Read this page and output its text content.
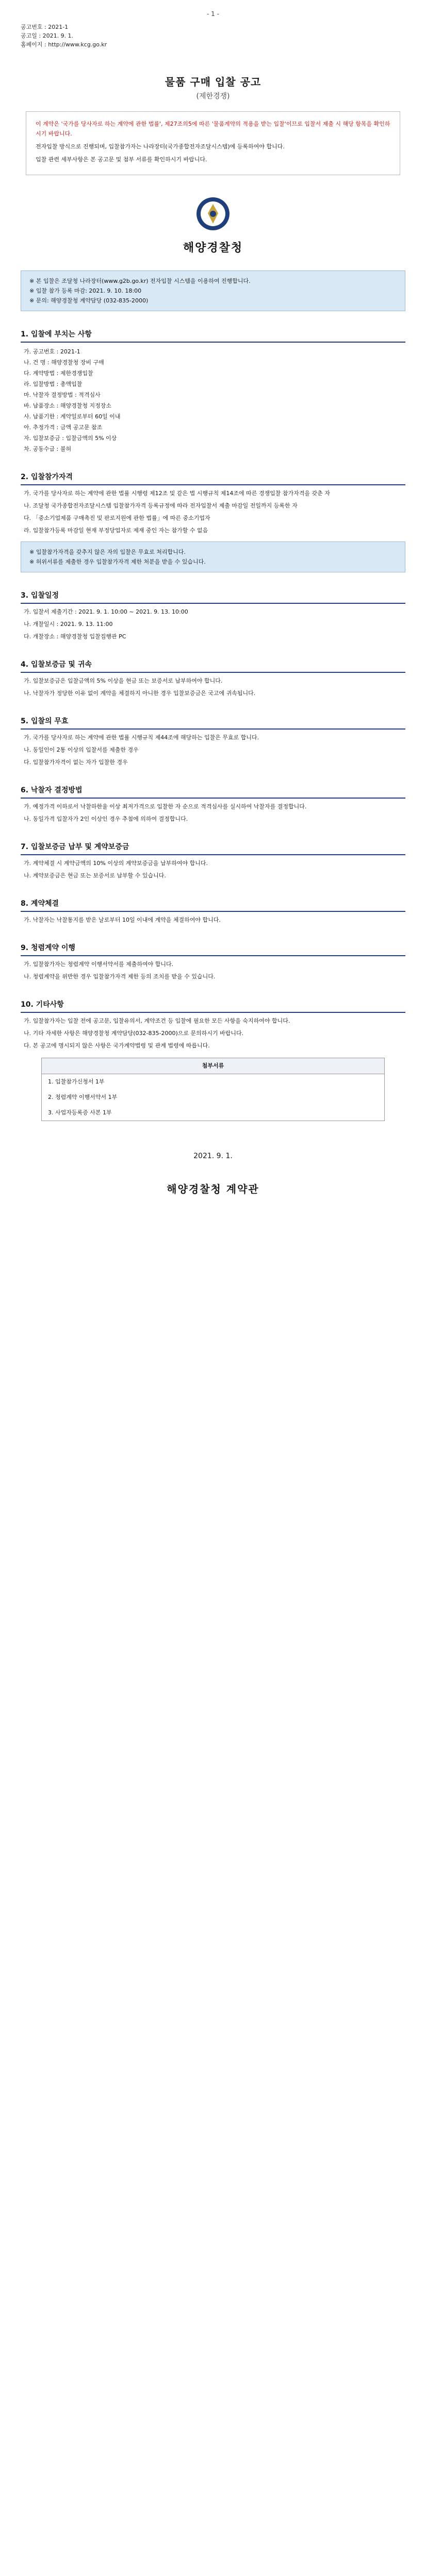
- 1 -
공고번호 : 2021-1
공고일 : 2021. 9. 1.
홈페이지 : http://www.kcg.go.kr
물품 구매 입찰 공고
(제한경쟁)

이 계약은 '국가를 당사자로 하는 계약에 관한 법률', 제27조의5에 따른 '물품계약의 적용을 받는 입찰'이므로 입찰서 제출 시 해당 항목을 확인하시기 바랍니다.

전자입찰 방식으로 진행되며, 입찰참가자는 나라장터(국가종합전자조달시스템)에 등록하여야 합니다.

입찰 관련 세부사항은 본 공고문 및 첨부 서류를 확인하시기 바랍니다.

해양경찰청

※ 본 입찰은 조달청 나라장터(www.g2b.go.kr) 전자입찰 시스템을 이용하여 진행합니다.

※ 입찰 참가 등록 마감: 2021. 9. 10. 18:00

※ 문의: 해양경찰청 계약담당 (032-835-2000)

1. 입찰에 부치는 사항
가. 공고번호 : 2021-1
나. 건 명 : 해양경찰청 장비 구매
다. 계약방법 : 제한경쟁입찰
라. 입찰방법 : 총액입찰
마. 낙찰자 결정방법 : 적격심사
바. 납품장소 : 해양경찰청 지정장소
사. 납품기한 : 계약일로부터 60일 이내
아. 추정가격 : 금액 공고문 참조
자. 입찰보증금 : 입찰금액의 5% 이상
차. 공동수급 : 불허
2. 입찰참가자격
가. 국가를 당사자로 하는 계약에 관한 법률 시행령 제12조 및 같은 법 시행규칙 제14조에 따른 경쟁입찰 참가자격을 갖춘 자
나. 조달청 국가종합전자조달시스템 입찰참가자격 등록규정에 따라 전자입찰서 제출 마감일 전일까지 등록한 자
다. 「중소기업제품 구매촉진 및 판로지원에 관한 법률」에 따른 중소기업자
라. 입찰참가등록 마감일 현재 부정당업자로 제재 중인 자는 참가할 수 없음

※ 입찰참가자격을 갖추지 않은 자의 입찰은 무효로 처리합니다.

※ 허위서류를 제출한 경우 입찰참가자격 제한 처분을 받을 수 있습니다.

3. 입찰일정
가. 입찰서 제출기간 : 2021. 9. 1. 10:00 ~ 2021. 9. 13. 10:00
나. 개찰일시 : 2021. 9. 13. 11:00
다. 개찰장소 : 해양경찰청 입찰집행관 PC
4. 입찰보증금 및 귀속
가. 입찰보증금은 입찰금액의 5% 이상을 현금 또는 보증서로 납부하여야 합니다.
나. 낙찰자가 정당한 이유 없이 계약을 체결하지 아니한 경우 입찰보증금은 국고에 귀속됩니다.
5. 입찰의 무효
가. 국가를 당사자로 하는 계약에 관한 법률 시행규칙 제44조에 해당하는 입찰은 무효로 합니다.
나. 동일인이 2통 이상의 입찰서를 제출한 경우
다. 입찰참가자격이 없는 자가 입찰한 경우
6. 낙찰자 결정방법
가. 예정가격 이하로서 낙찰하한율 이상 최저가격으로 입찰한 자 순으로 적격심사를 실시하여 낙찰자를 결정합니다.
나. 동일가격 입찰자가 2인 이상인 경우 추첨에 의하여 결정합니다.
7. 입찰보증금 납부 및 계약보증금
가. 계약체결 시 계약금액의 10% 이상의 계약보증금을 납부하여야 합니다.
나. 계약보증금은 현금 또는 보증서로 납부할 수 있습니다.
8. 계약체결
가. 낙찰자는 낙찰통지를 받은 날로부터 10일 이내에 계약을 체결하여야 합니다.
9. 청렴계약 이행
가. 입찰참가자는 청렴계약 이행서약서를 제출하여야 합니다.
나. 청렴계약을 위반한 경우 입찰참가자격 제한 등의 조치를 받을 수 있습니다.
10. 기타사항
가. 입찰참가자는 입찰 전에 공고문, 입찰유의서, 계약조건 등 입찰에 필요한 모든 사항을 숙지하여야 합니다.
나. 기타 자세한 사항은 해양경찰청 계약담당(032-835-2000)으로 문의하시기 바랍니다.
다. 본 공고에 명시되지 않은 사항은 국가계약법령 및 관계 법령에 따릅니다.
첨부서류
1. 입찰참가신청서 1부
2. 청렴계약 이행서약서 1부
3. 사업자등록증 사본 1부
2021. 9. 1.
해양경찰청 계약관
